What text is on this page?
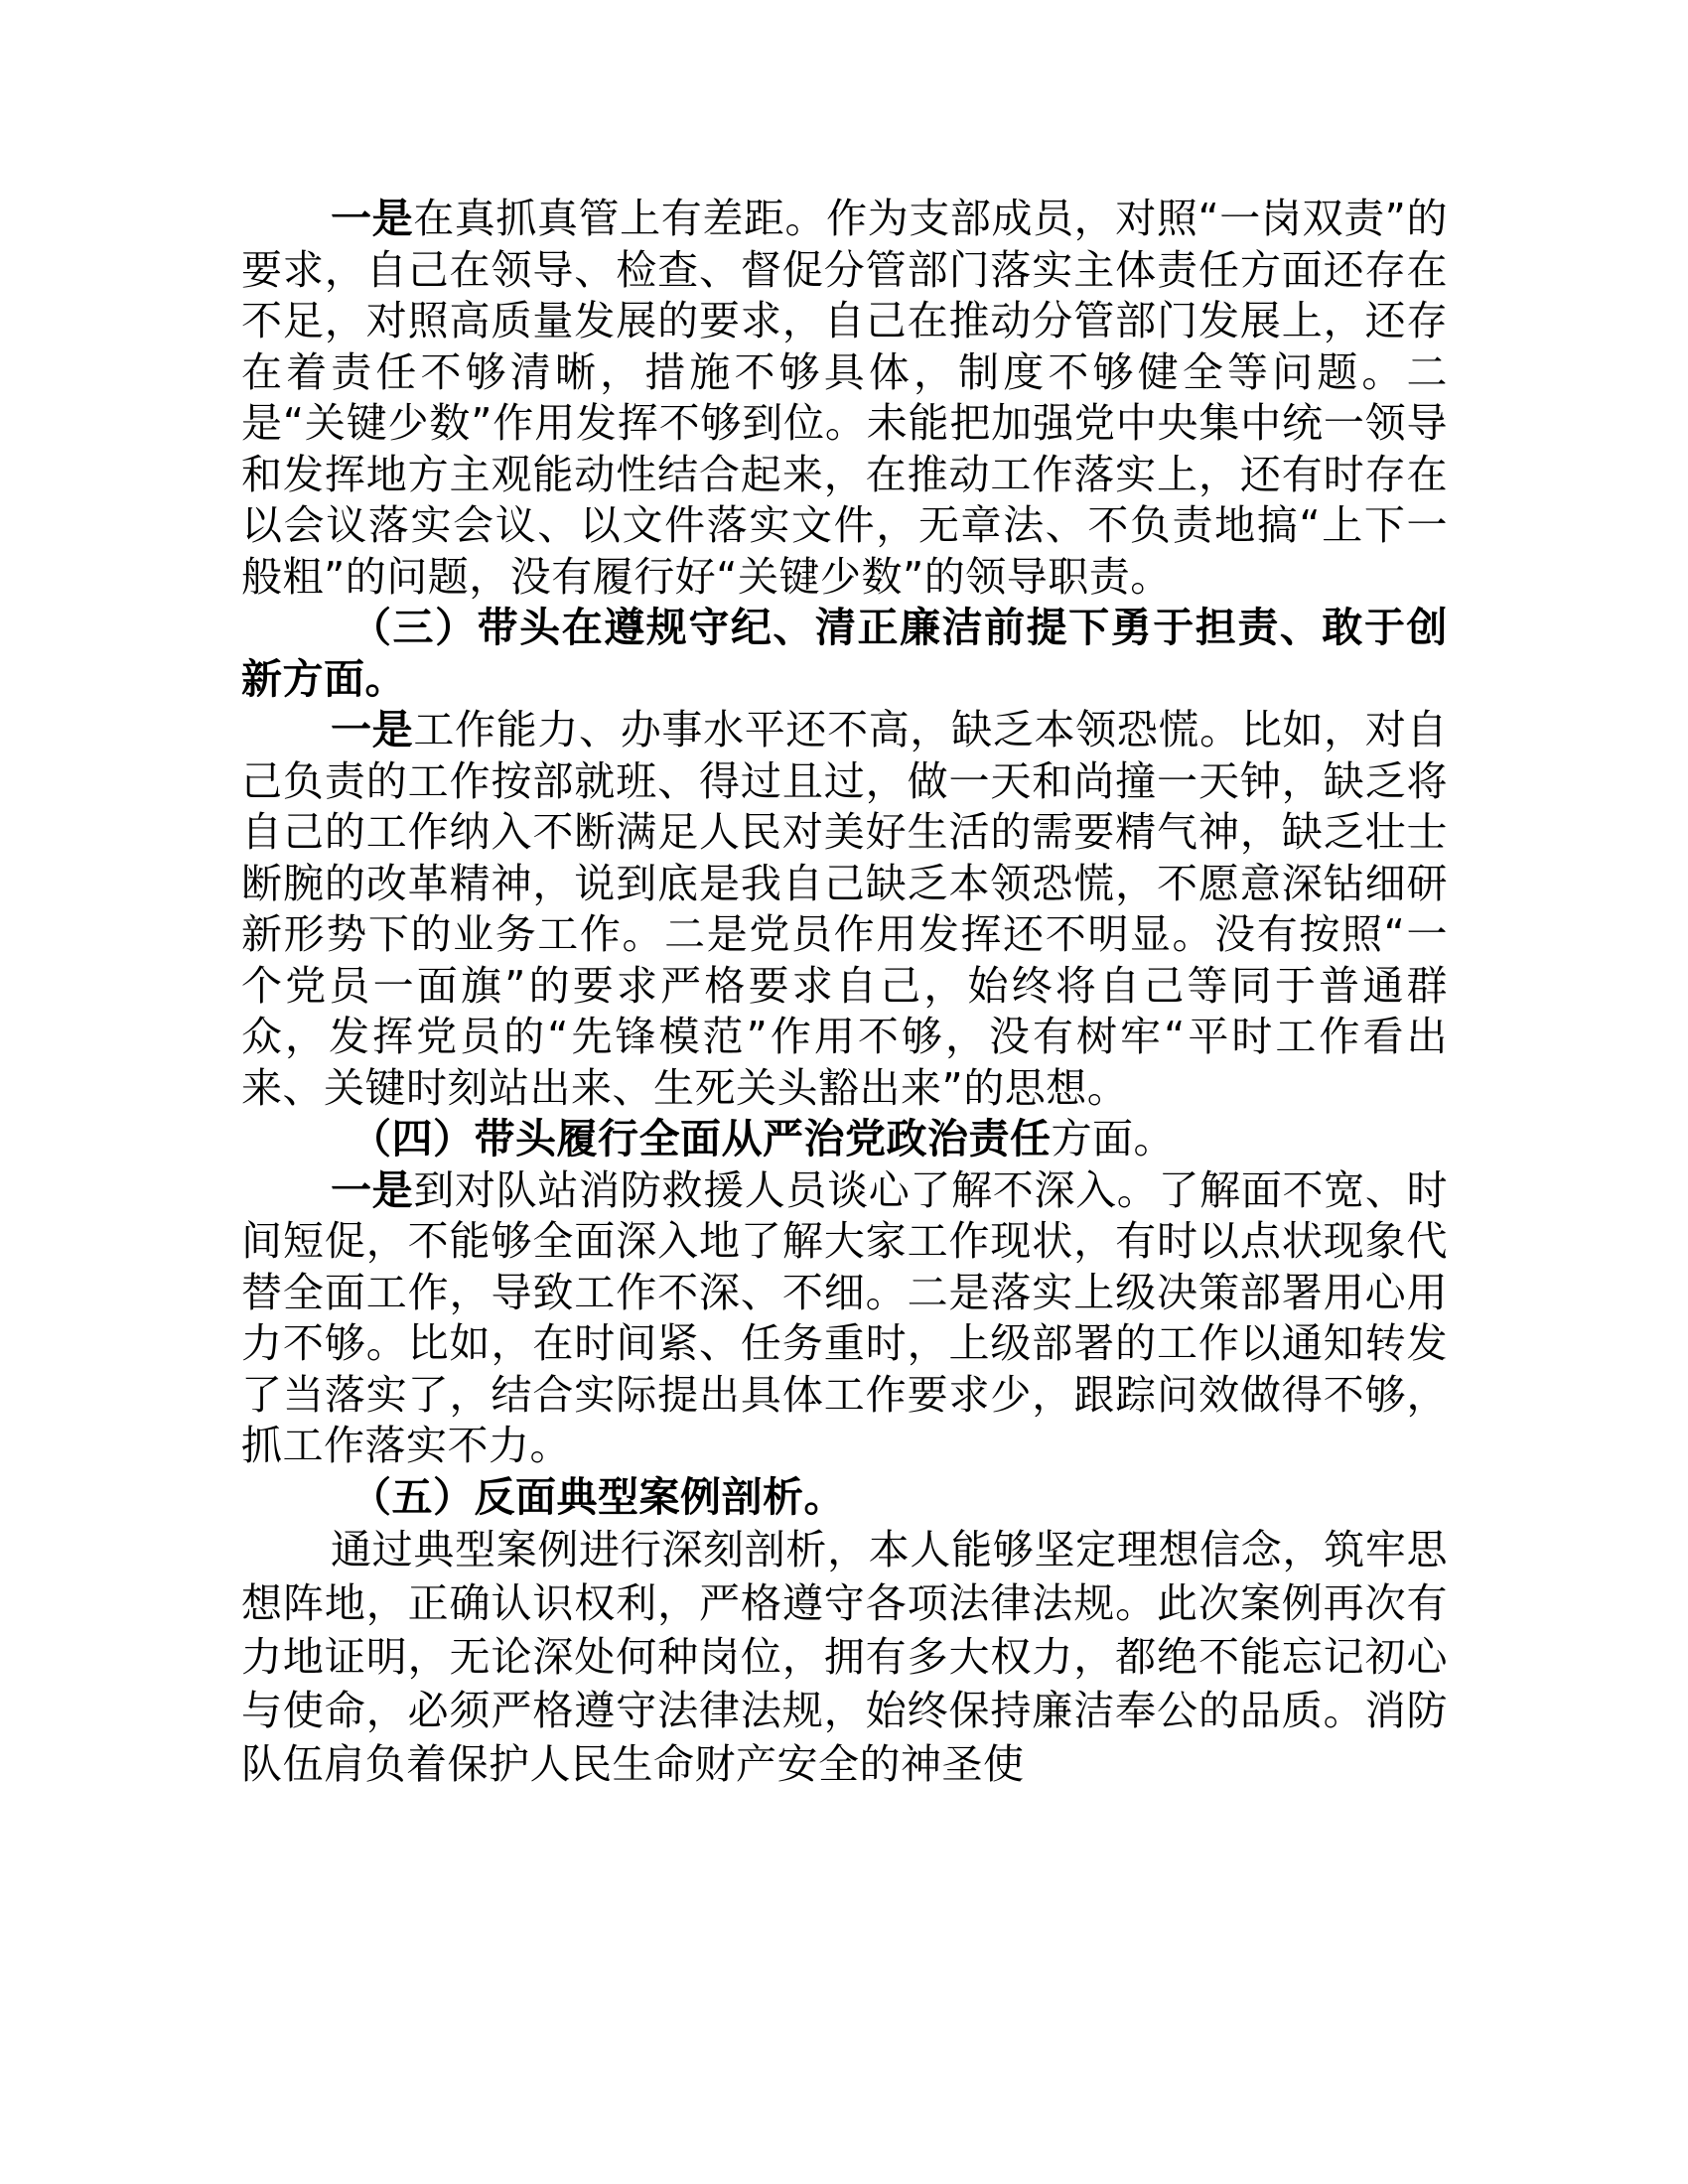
一是在真抓真管上有差距。作为支部成员，对照“一岗双责”的要求，自己在领导、检查、督促分管部门落实主体责任方面还存在不足，对照高质量发展的要求，自己在推动分管部门发展上，还存在着责任不够清晰，措施不够具体，制度不够健全等问题。二是“关键少数”作用发挥不够到位。未能把加强党中央集中统一领导和发挥地方主观能动性结合起来，在推动工作落实上，还有时存在以会议落实会议、以文件落实文件，无章法、不负责地搞“上下一般粗”的问题，没有履行好“关键少数”的领导职责。

（三）带头在遵规守纪、清正廉洁前提下勇于担责、敢于创新方面。

一是工作能力、办事水平还不高，缺乏本领恐慌。比如，对自己负责的工作按部就班、得过且过，做一天和尚撞一天钟，缺乏将自己的工作纳入不断满足人民对美好生活的需要精气神，缺乏壮士断腕的改革精神，说到底是我自己缺乏本领恐慌，不愿意深钻细研新形势下的业务工作。二是党员作用发挥还不明显。没有按照“一个党员一面旗”的要求严格要求自己，始终将自己等同于普通群众，发挥党员的“先锋模范”作用不够，没有树牢“平时工作看出来、关键时刻站出来、生死关头豁出来”的思想。

（四）带头履行全面从严治党政治责任方面。

一是到对队站消防救援人员谈心了解不深入。了解面不宽、时间短促，不能够全面深入地了解大家工作现状，有时以点状现象代替全面工作，导致工作不深、不细。二是落实上级决策部署用心用力不够。比如，在时间紧、任务重时，上级部署的工作以通知转发了当落实了，结合实际提出具体工作要求少，跟踪问效做得不够，抓工作落实不力。

（五）反面典型案例剖析。

通过典型案例进行深刻剖析，本人能够坚定理想信念，筑牢思想阵地，正确认识权利，严格遵守各项法律法规。此次案例再次有力地证明，无论深处何种岗位，拥有多大权力，都绝不能忘记初心与使命，必须严格遵守法律法规，始终保持廉洁奉公的品质。消防队伍肩负着保护人民生命财产安全的神圣使
